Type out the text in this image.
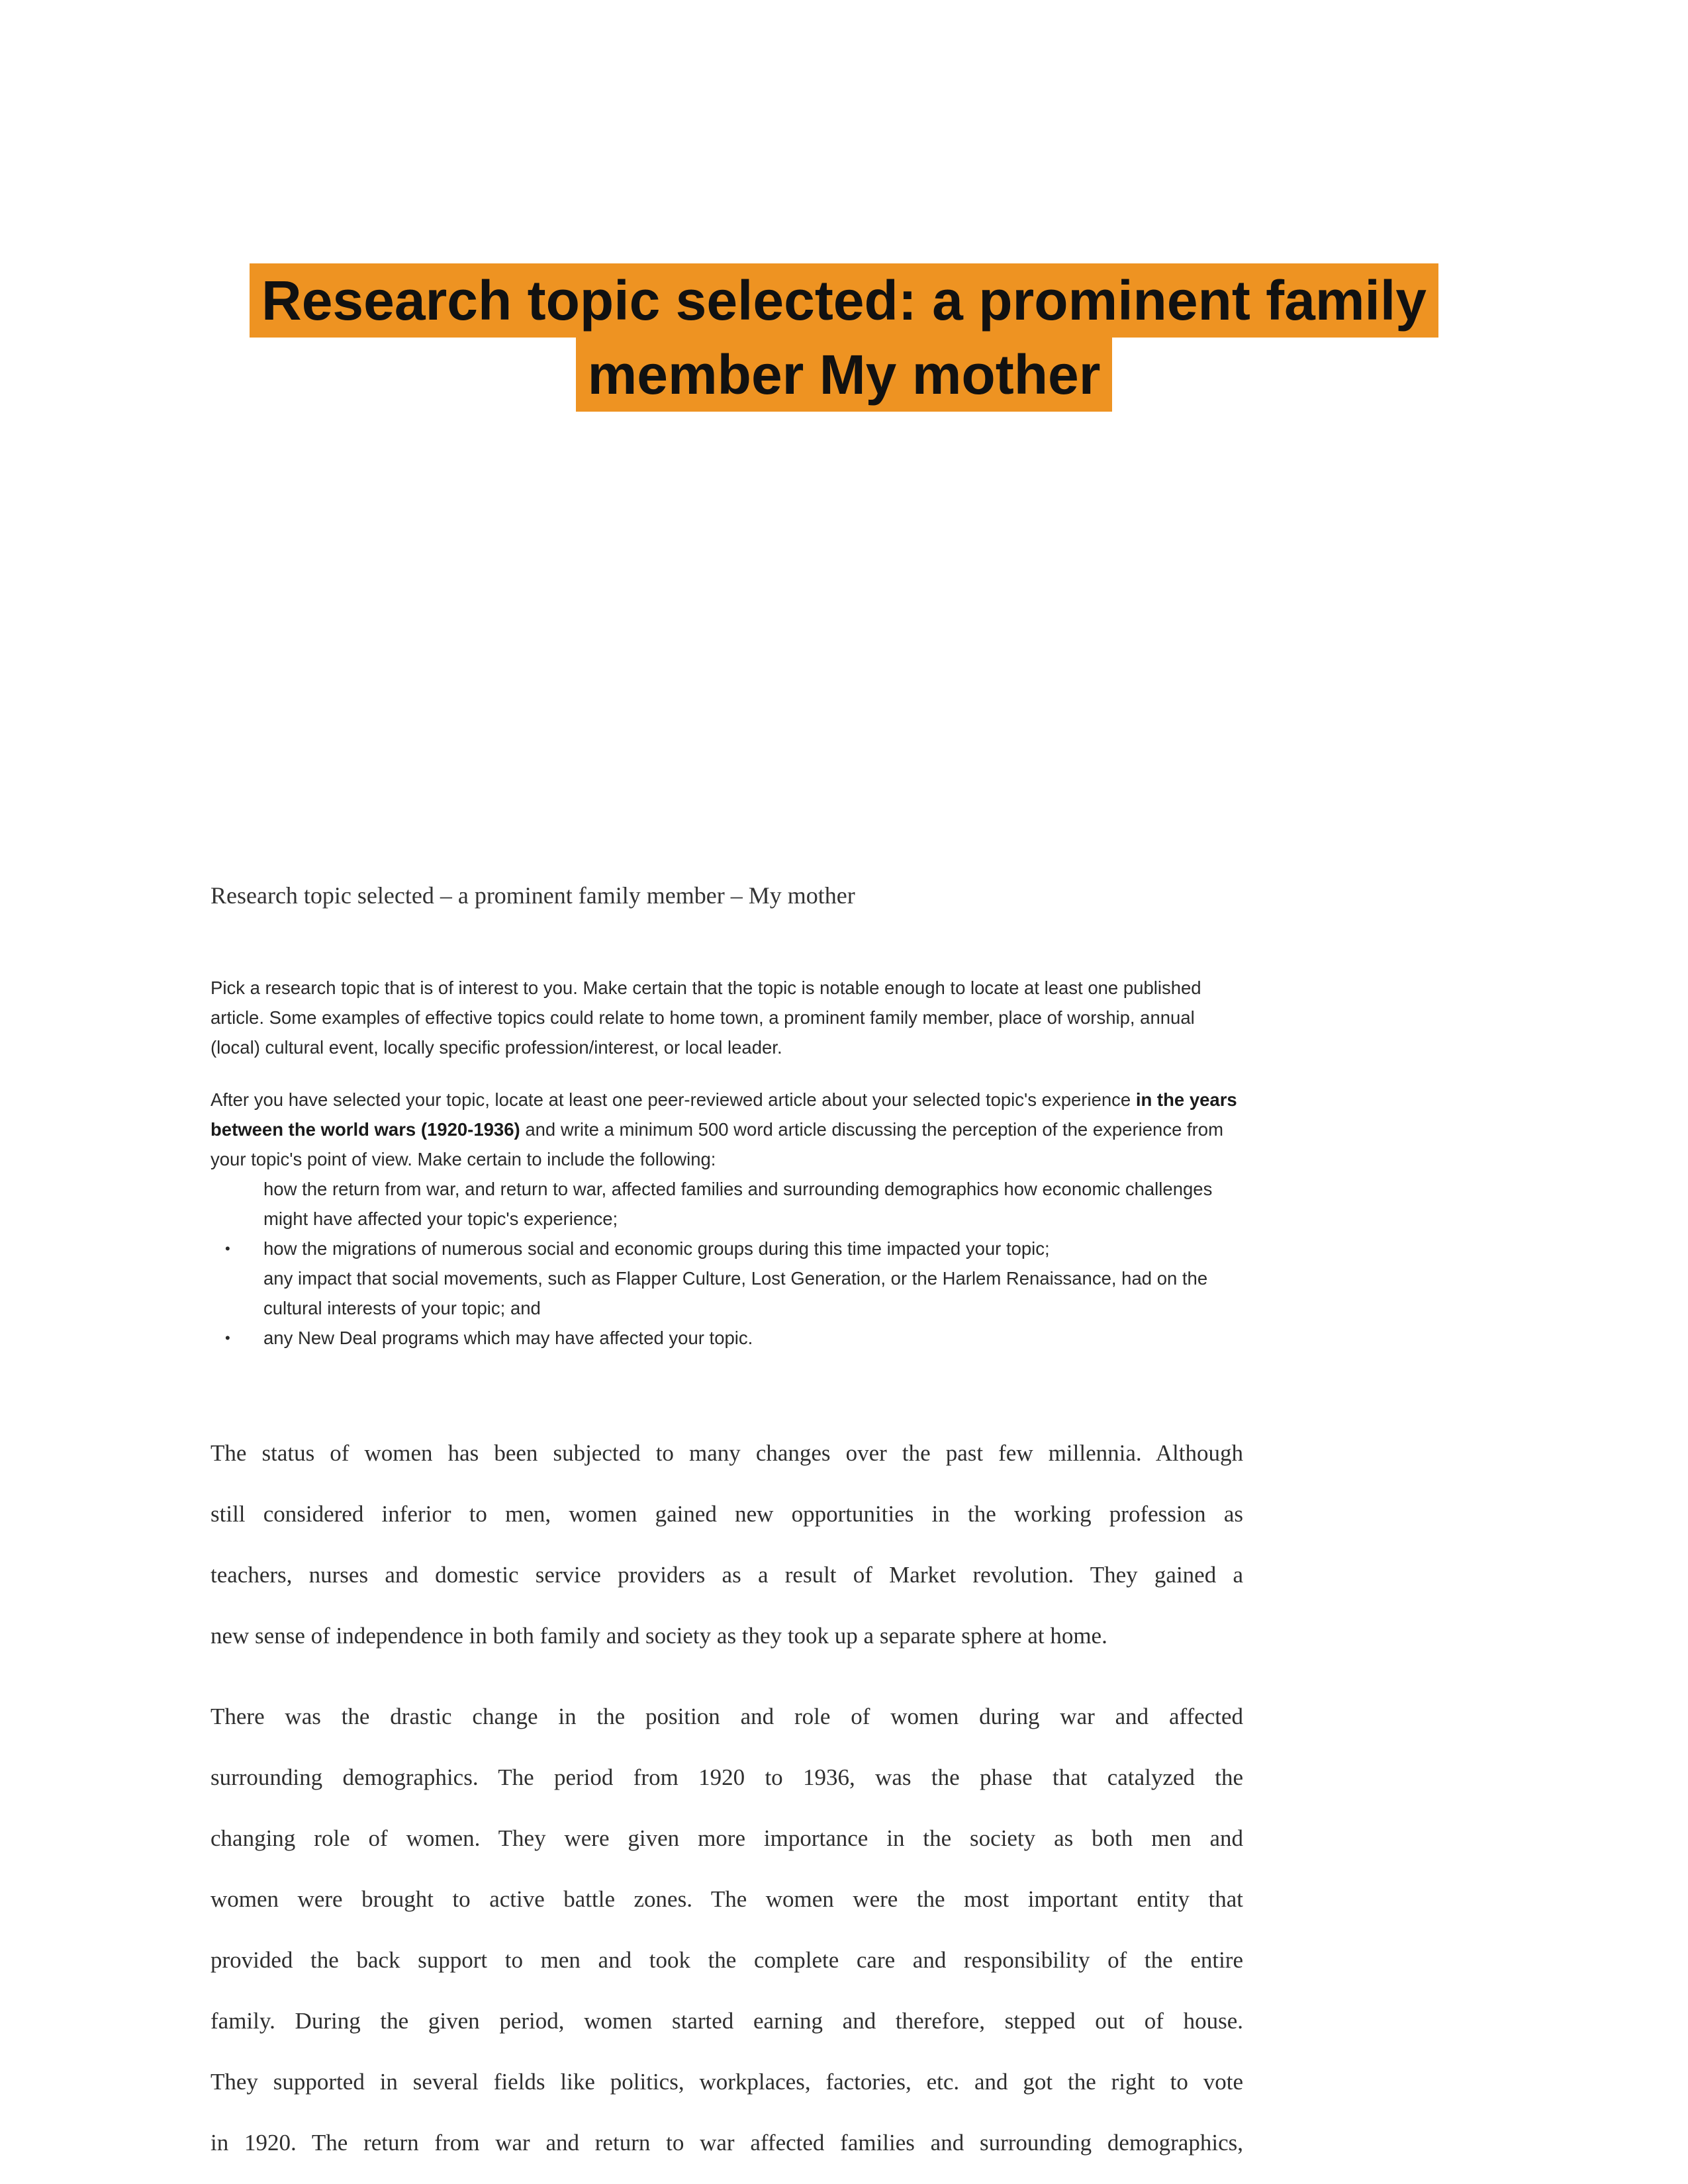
Research topic selected: a prominent family
member My mother
Research topic selected – a prominent family member – My mother

Pick a research topic that is of interest to you. Make certain that the topic is notable enough to locate at least one published article. Some examples of effective topics could relate to home town, a prominent family member, place of worship, annual (local) cultural event, locally specific profession/interest, or local leader.

After you have selected your topic, locate at least one peer-reviewed article about your selected topic's experience in the years between the world wars (1920-1936) and write a minimum 500 word article discussing the perception of the experience from your topic's point of view. Make certain to include the following:

how the return from war, and return to war, affected families and surrounding demographics how economic challenges might have affected your topic's experience;

• how the migrations of numerous social and economic groups during this time impacted your topic;

any impact that social movements, such as Flapper Culture, Lost Generation, or the Harlem Renaissance, had on the cultural interests of your topic; and

• any New Deal programs which may have affected your topic.

The status of women has been subjected to many changes over the past few millennia. Although
still considered inferior to men, women gained new opportunities in the working profession as
teachers, nurses and domestic service providers as a result of Market revolution. They gained a
new sense of independence in both family and society as they took up a separate sphere at home.
There was the drastic change in the position and role of women during war and affected
surrounding demographics. The period from 1920 to 1936, was the phase that catalyzed the
changing role of women. They were given more importance in the society as both men and
women were brought to active battle zones. The women were the most important entity that
provided the back support to men and took the complete care and responsibility of the entire
family. During the given period, women started earning and therefore, stepped out of house.
They supported in several fields like politics, workplaces, factories, etc. and got the right to vote
in 1920. The return from war and return to war affected families and surrounding demographics,
